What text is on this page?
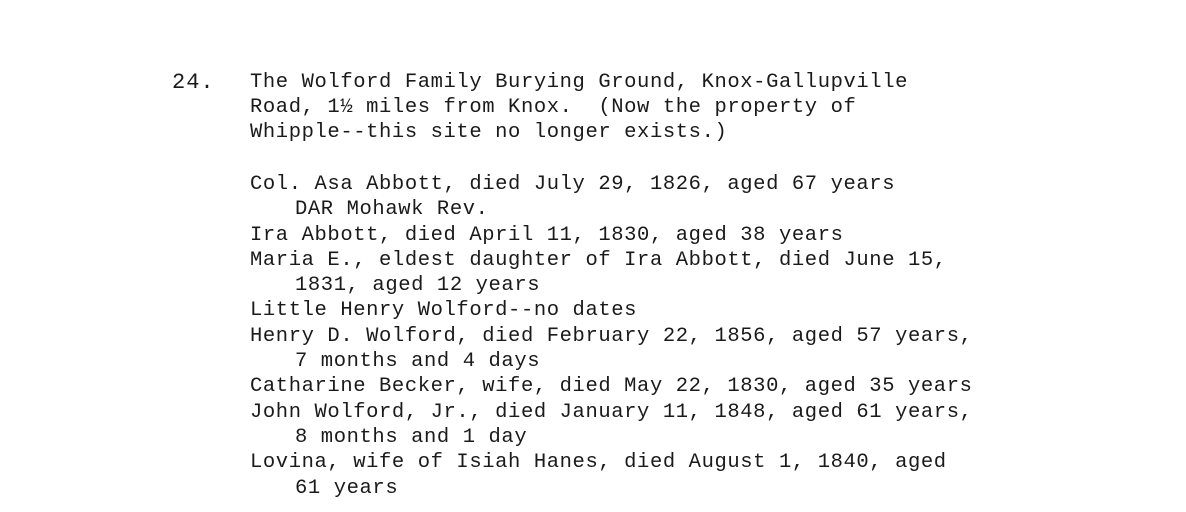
24. The Wolford Family Burying Ground, Knox-Gallupville
Road, 1½ miles from Knox.  (Now the property of
Whipple--this site no longer exists.)
Col. Asa Abbott, died July 29, 1826, aged 67 years
DAR Mohawk Rev.
Ira Abbott, died April 11, 1830, aged 38 years
Maria E., eldest daughter of Ira Abbott, died June 15,
1831, aged 12 years
Little Henry Wolford--no dates
Henry D. Wolford, died February 22, 1856, aged 57 years,
7 months and 4 days
Catharine Becker, wife, died May 22, 1830, aged 35 years
John Wolford, Jr., died January 11, 1848, aged 61 years,
8 months and 1 day
Lovina, wife of Isiah Hanes, died August 1, 1840, aged
61 years
